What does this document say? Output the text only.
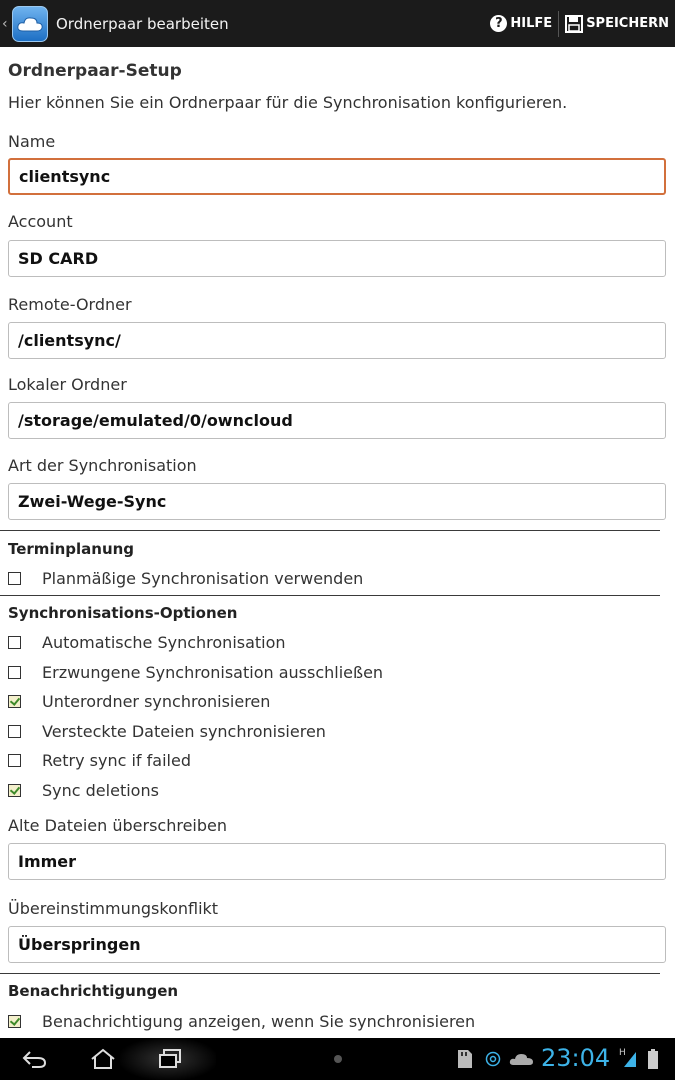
‹	Ordnerpaar bearbeiten	? HILFE	SPEICHERN
Ordnerpaar-Setup
Hier können Sie ein Ordnerpaar für die Synchronisation konfigurieren.
Name
clientsync
Account
SD CARD
Remote-Ordner
/clientsync/
Lokaler Ordner
/storage/emulated/0/owncloud
Art der Synchronisation
Zwei-Wege-Sync
Terminplanung
Planmäßige Synchronisation verwenden
Synchronisations-Optionen
Automatische Synchronisation
Erzwungene Synchronisation ausschließen
Unterordner synchronisieren
Versteckte Dateien synchronisieren
Retry sync if failed
Sync deletions
Alte Dateien überschreiben
Immer
Übereinstimmungskonflikt
Überspringen
Benachrichtigungen
Benachrichtigung anzeigen, wenn Sie synchronisieren
23:04 H
